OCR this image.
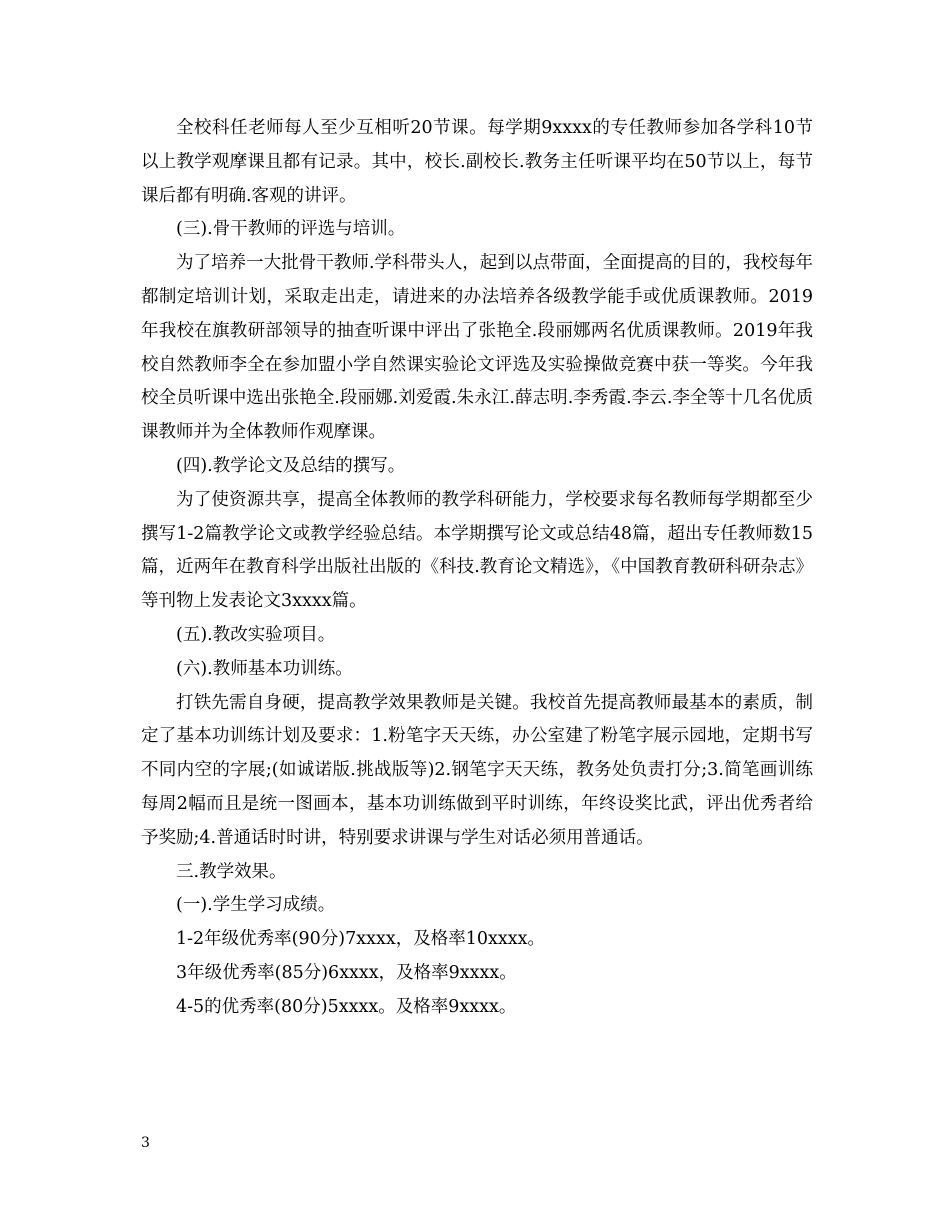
全校科任老师每人至少互相听20节课。每学期9xxxx的专任教师参加各学科10节以上教学观摩课且都有记录。其中，校长.副校长.教务主任听课平均在50节以上，每节课后都有明确.客观的讲评。

(三).骨干教师的评选与培训。

为了培养一大批骨干教师.学科带头人，起到以点带面，全面提高的目的，我校每年都制定培训计划，采取走出走，请进来的办法培养各级教学能手或优质课教师。2019年我校在旗教研部领导的抽查听课中评出了张艳全.段丽娜两名优质课教师。2019年我校自然教师李全在参加盟小学自然课实验论文评选及实验操做竞赛中获一等奖。今年我校全员听课中选出张艳全.段丽娜.刘爱霞.朱永江.薛志明.李秀霞.李云.李全等十几名优质课教师并为全体教师作观摩课。

(四).教学论文及总结的撰写。

为了使资源共享，提高全体教师的教学科研能力，学校要求每名教师每学期都至少撰写1-2篇教学论文或教学经验总结。本学期撰写论文或总结48篇，超出专任教师数15篇，近两年在教育科学出版社出版的《科技.教育论文精选》，《中国教育教研科研杂志》等刊物上发表论文3xxxx篇。

(五).教改实验项目。

(六).教师基本功训练。

打铁先需自身硬，提高教学效果教师是关键。我校首先提高教师最基本的素质，制定了基本功训练计划及要求：1.粉笔字天天练，办公室建了粉笔字展示园地，定期书写不同内空的字展;(如诚诺版.挑战版等)2.钢笔字天天练，教务处负责打分;3.简笔画训练每周2幅而且是统一图画本，基本功训练做到平时训练，年终设奖比武，评出优秀者给予奖励;4.普通话时时讲，特别要求讲课与学生对话必须用普通话。

三.教学效果。

(一).学生学习成绩。

1-2年级优秀率(90分)7xxxx，及格率10xxxx。

3年级优秀率(85分)6xxxx，及格率9xxxx。

4-5的优秀率(80分)5xxxx。及格率9xxxx。

3
